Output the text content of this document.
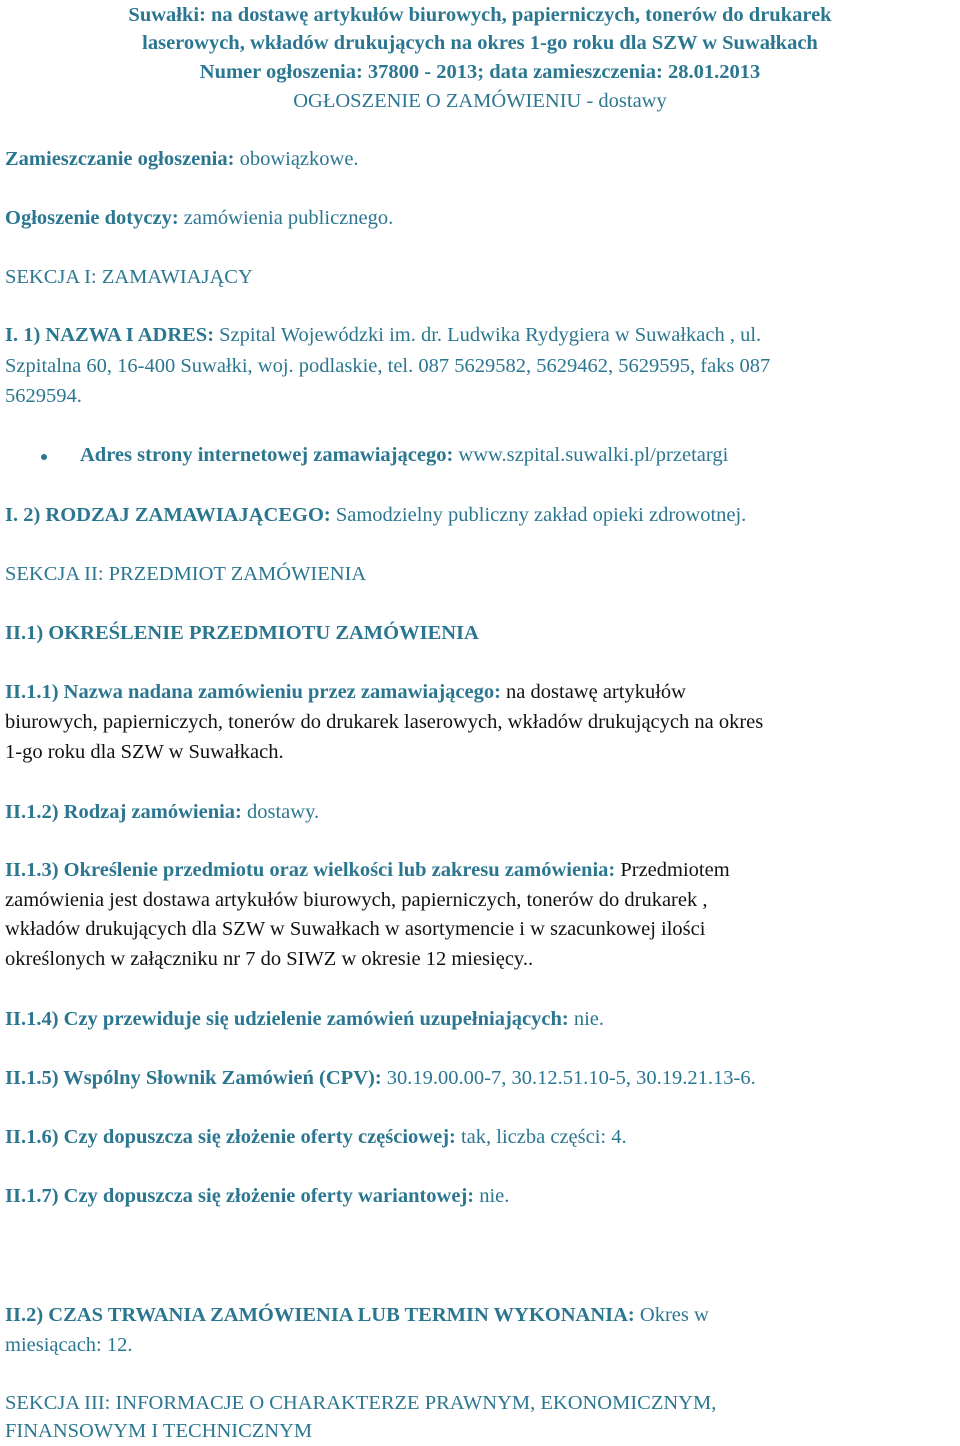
Suwałki: na dostawę artykułów biurowych, papierniczych, tonerów do drukarek
laserowych, wkładów drukujących na okres 1-go roku dla SZW w Suwałkach
Numer ogłoszenia: 37800 - 2013; data zamieszczenia: 28.01.2013
OGŁOSZENIE O ZAMÓWIENIU - dostawy
Zamieszczanie ogłoszenia: obowiązkowe.
Ogłoszenie dotyczy: zamówienia publicznego.
SEKCJA I: ZAMAWIAJĄCY
I. 1) NAZWA I ADRES: Szpital Wojewódzki im. dr. Ludwika Rydygiera w Suwałkach , ul.
Szpitalna 60, 16-400 Suwałki, woj. podlaskie, tel. 087 5629582, 5629462, 5629595, faks 087
5629594.
Adres strony internetowej zamawiającego: www.szpital.suwalki.pl/przetargi
I. 2) RODZAJ ZAMAWIAJĄCEGO: Samodzielny publiczny zakład opieki zdrowotnej.
SEKCJA II: PRZEDMIOT ZAMÓWIENIA
II.1) OKREŚLENIE PRZEDMIOTU ZAMÓWIENIA
II.1.1) Nazwa nadana zamówieniu przez zamawiającego: na dostawę artykułów
biurowych, papierniczych, tonerów do drukarek laserowych, wkładów drukujących na okres
1-go roku dla SZW w Suwałkach.
II.1.2) Rodzaj zamówienia: dostawy.
II.1.3) Określenie przedmiotu oraz wielkości lub zakresu zamówienia: Przedmiotem
zamówienia jest dostawa artykułów biurowych, papierniczych, tonerów do drukarek ,
wkładów drukujących dla SZW w Suwałkach w asortymencie i w szacunkowej ilości
określonych w załączniku nr 7 do SIWZ w okresie 12 miesięcy..
II.1.4) Czy przewiduje się udzielenie zamówień uzupełniających: nie.
II.1.5) Wspólny Słownik Zamówień (CPV): 30.19.00.00-7, 30.12.51.10-5, 30.19.21.13-6.
II.1.6) Czy dopuszcza się złożenie oferty częściowej: tak, liczba części: 4.
II.1.7) Czy dopuszcza się złożenie oferty wariantowej: nie.
II.2) CZAS TRWANIA ZAMÓWIENIA LUB TERMIN WYKONANIA: Okres w
miesiącach: 12.
SEKCJA III: INFORMACJE O CHARAKTERZE PRAWNYM, EKONOMICZNYM,
FINANSOWYM I TECHNICZNYM
